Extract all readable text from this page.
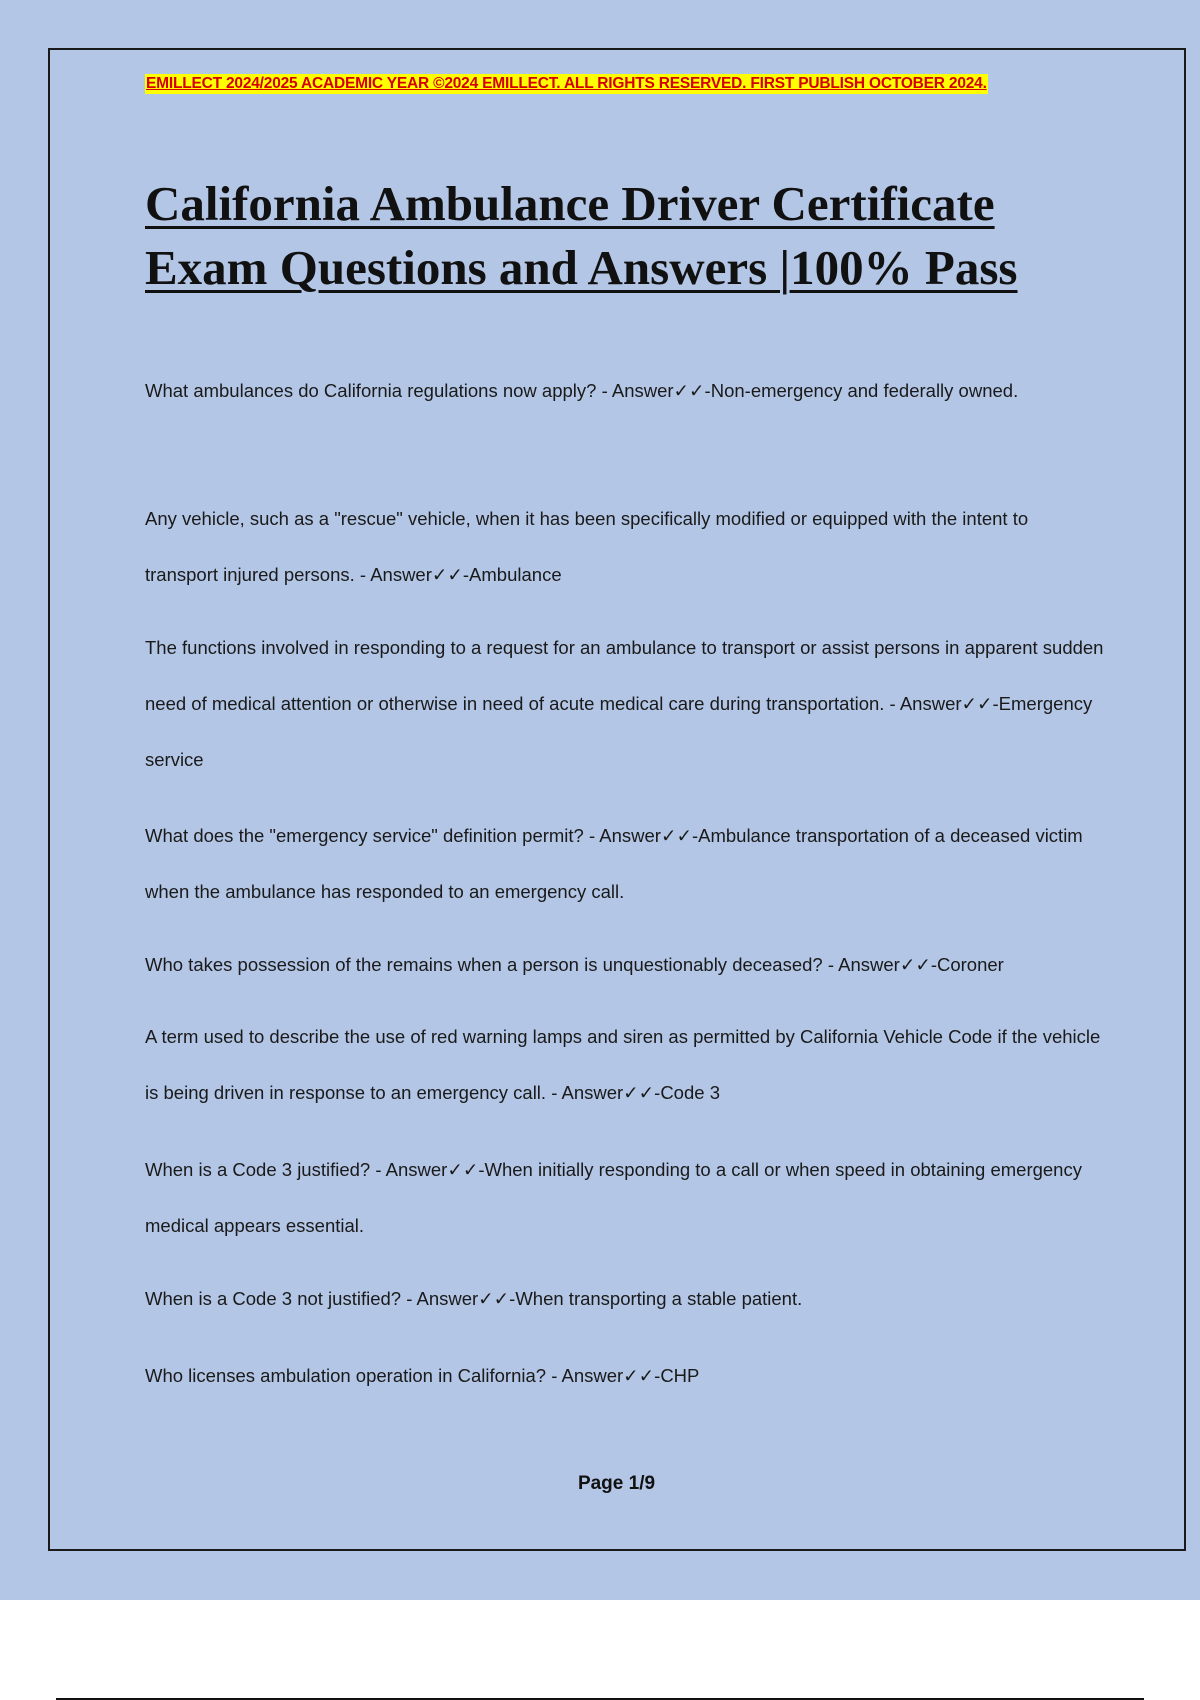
EMILLECT 2024/2025 ACADEMIC YEAR ©2024 EMILLECT. ALL RIGHTS RESERVED. FIRST PUBLISH OCTOBER 2024.
California Ambulance Driver Certificate
Exam Questions and Answers |100% Pass

What ambulances do California regulations now apply? - Answer✓✓-Non-emergency and federally owned.

Any vehicle, such as a "rescue" vehicle, when it has been specifically modified or equipped with the intent to transport injured persons. - Answer✓✓-Ambulance

The functions involved in responding to a request for an ambulance to transport or assist persons in apparent sudden need of medical attention or otherwise in need of acute medical care during transportation. - Answer✓✓-Emergency service

What does the "emergency service" definition permit? - Answer✓✓-Ambulance transportation of a deceased victim when the ambulance has responded to an emergency call.

Who takes possession of the remains when a person is unquestionably deceased? - Answer✓✓-Coroner

A term used to describe the use of red warning lamps and siren as permitted by California Vehicle Code if the vehicle is being driven in response to an emergency call. - Answer✓✓-Code 3

When is a Code 3 justified? - Answer✓✓-When initially responding to a call or when speed in obtaining emergency medical appears essential.

When is a Code 3 not justified? - Answer✓✓-When transporting a stable patient.

Who licenses ambulation operation in California? - Answer✓✓-CHP

Page 1/9
